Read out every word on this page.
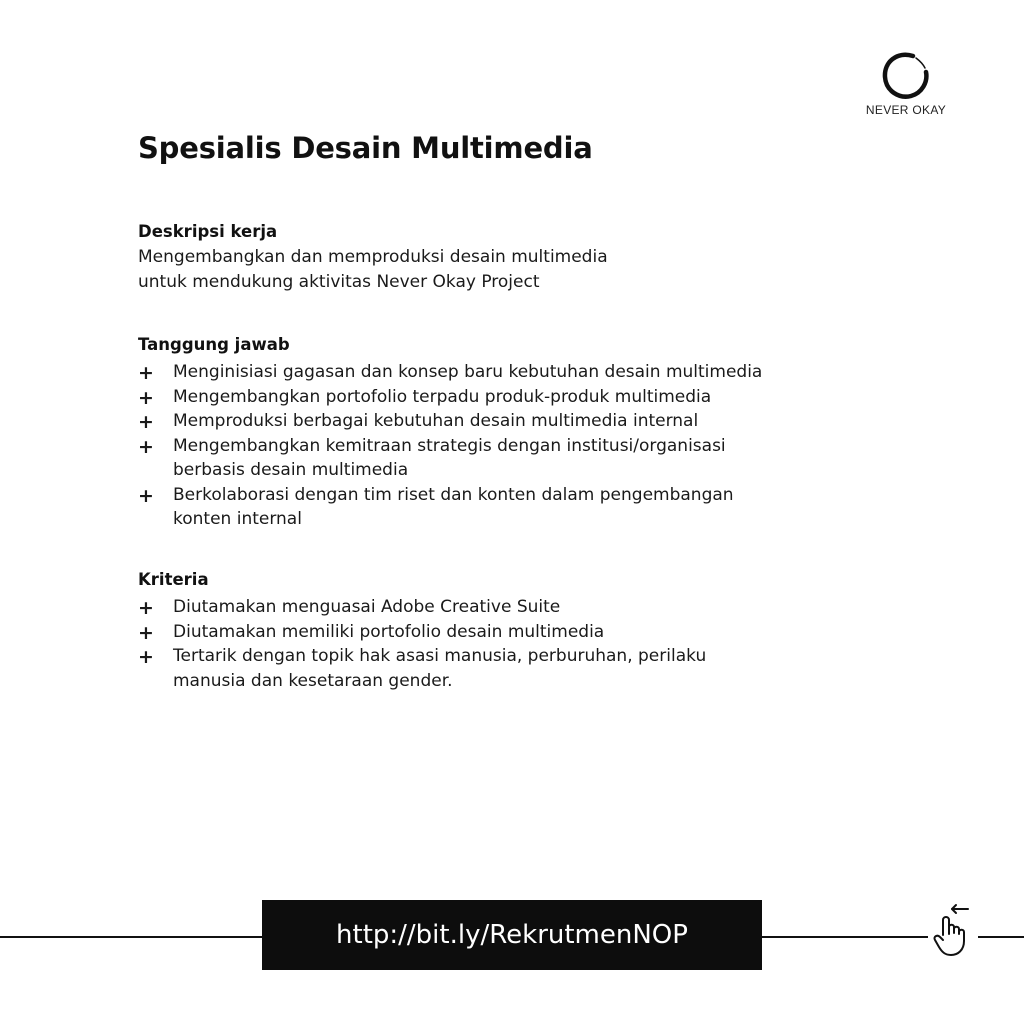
NEVER OKAY
Spesialis Desain Multimedia
Deskripsi kerja
Mengembangkan dan memproduksi desain multimedia
untuk mendukung aktivitas Never Okay Project
Tanggung jawab
+ Menginisiasi gagasan dan konsep baru kebutuhan desain multimedia
+ Mengembangkan portofolio terpadu produk-produk multimedia
+ Memproduksi berbagai kebutuhan desain multimedia internal
+ Mengembangkan kemitraan strategis dengan institusi/organisasi
berbasis desain multimedia
+ Berkolaborasi dengan tim riset dan konten dalam pengembangan
konten internal
Kriteria
+ Diutamakan menguasai Adobe Creative Suite
+ Diutamakan memiliki portofolio desain multimedia
+ Tertarik dengan topik hak asasi manusia, perburuhan, perilaku
manusia dan kesetaraan gender.
http://bit.ly/RekrutmenNOP
